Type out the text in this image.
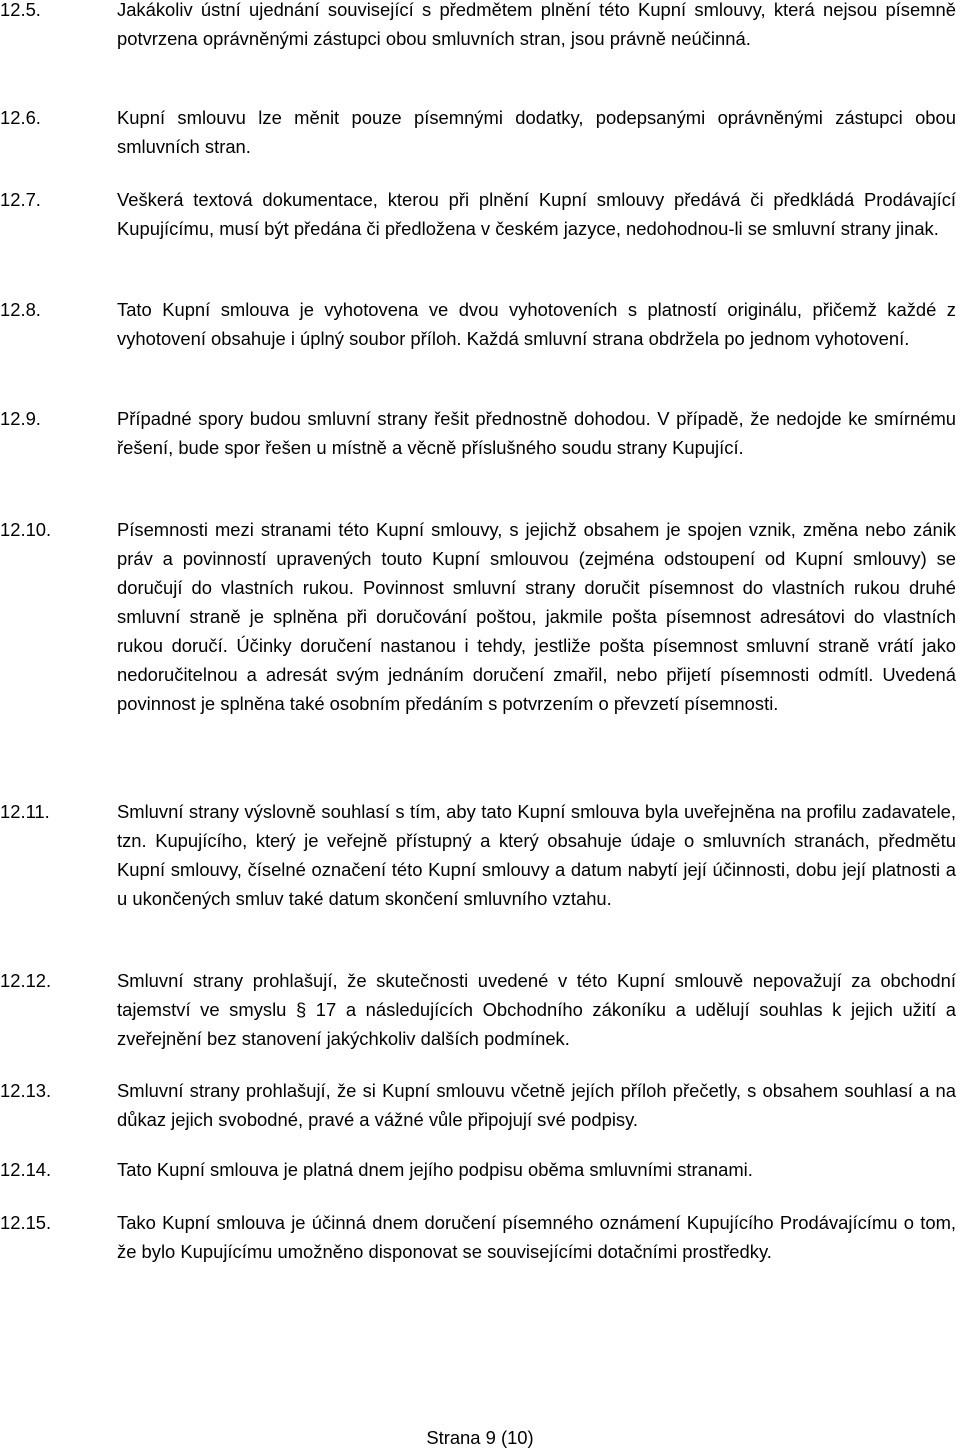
12.5.	Jakákoliv ústní ujednání související s předmětem plnění této Kupní smlouvy, která nejsou písemně potvrzena oprávněnými zástupci obou smluvních stran, jsou právně neúčinná.
12.6.	Kupní smlouvu lze měnit pouze písemnými dodatky, podepsanými oprávněnými zástupci obou smluvních stran.
12.7.	Veškerá textová dokumentace, kterou při plnění Kupní smlouvy předává či předkládá Prodávající Kupujícímu, musí být předána či předložena v českém jazyce, nedohodnou-li se smluvní strany jinak.
12.8.	Tato Kupní smlouva je vyhotovena ve dvou vyhotoveních s platností originálu, přičemž každé z vyhotovení obsahuje i úplný soubor příloh. Každá smluvní strana obdržela po jednom vyhotovení.
12.9.	Případné spory budou smluvní strany řešit přednostně dohodou. V případě, že nedojde ke smírnému řešení, bude spor řešen u místně a věcně příslušného soudu strany Kupující.
12.10.	Písemnosti mezi stranami této Kupní smlouvy, s jejichž obsahem je spojen vznik, změna nebo zánik práv a povinností upravených touto Kupní smlouvou (zejména odstoupení od Kupní smlouvy) se doručují do vlastních rukou. Povinnost smluvní strany doručit písemnost do vlastních rukou druhé smluvní straně je splněna při doručování poštou, jakmile pošta písemnost adresátovi do vlastních rukou doručí. Účinky doručení nastanou i tehdy, jestliže pošta písemnost smluvní straně vrátí jako nedoručitelnou a adresát svým jednáním doručení zmařil, nebo přijetí písemnosti odmítl. Uvedená povinnost je splněna také osobním předáním s potvrzením o převzetí písemnosti.
12.11.	Smluvní strany výslovně souhlasí s tím, aby tato Kupní smlouva byla uveřejněna na profilu zadavatele, tzn. Kupujícího, který je veřejně přístupný a který obsahuje údaje o smluvních stranách, předmětu Kupní smlouvy, číselné označení této Kupní smlouvy a datum nabytí její účinnosti, dobu její platnosti a u ukončených smluv také datum skončení smluvního vztahu.
12.12.	Smluvní strany prohlašují, že skutečnosti uvedené v této Kupní smlouvě nepovažují za obchodní tajemství ve smyslu § 17 a následujících Obchodního zákoníku a udělují souhlas k jejich užití a zveřejnění bez stanovení jakýchkoliv dalších podmínek.
12.13.	Smluvní strany prohlašují, že si Kupní smlouvu včetně jejích příloh přečetly, s obsahem souhlasí a na důkaz jejich svobodné, pravé a vážné vůle připojují své podpisy.
12.14.	Tato Kupní smlouva je platná dnem jejího podpisu oběma smluvními stranami.
12.15.	Tako Kupní smlouva je účinná dnem doručení písemného oznámení Kupujícího Prodávajícímu o tom, že bylo Kupujícímu umožněno disponovat se souvisejícími dotačními prostředky.
Strana 9 (10)
